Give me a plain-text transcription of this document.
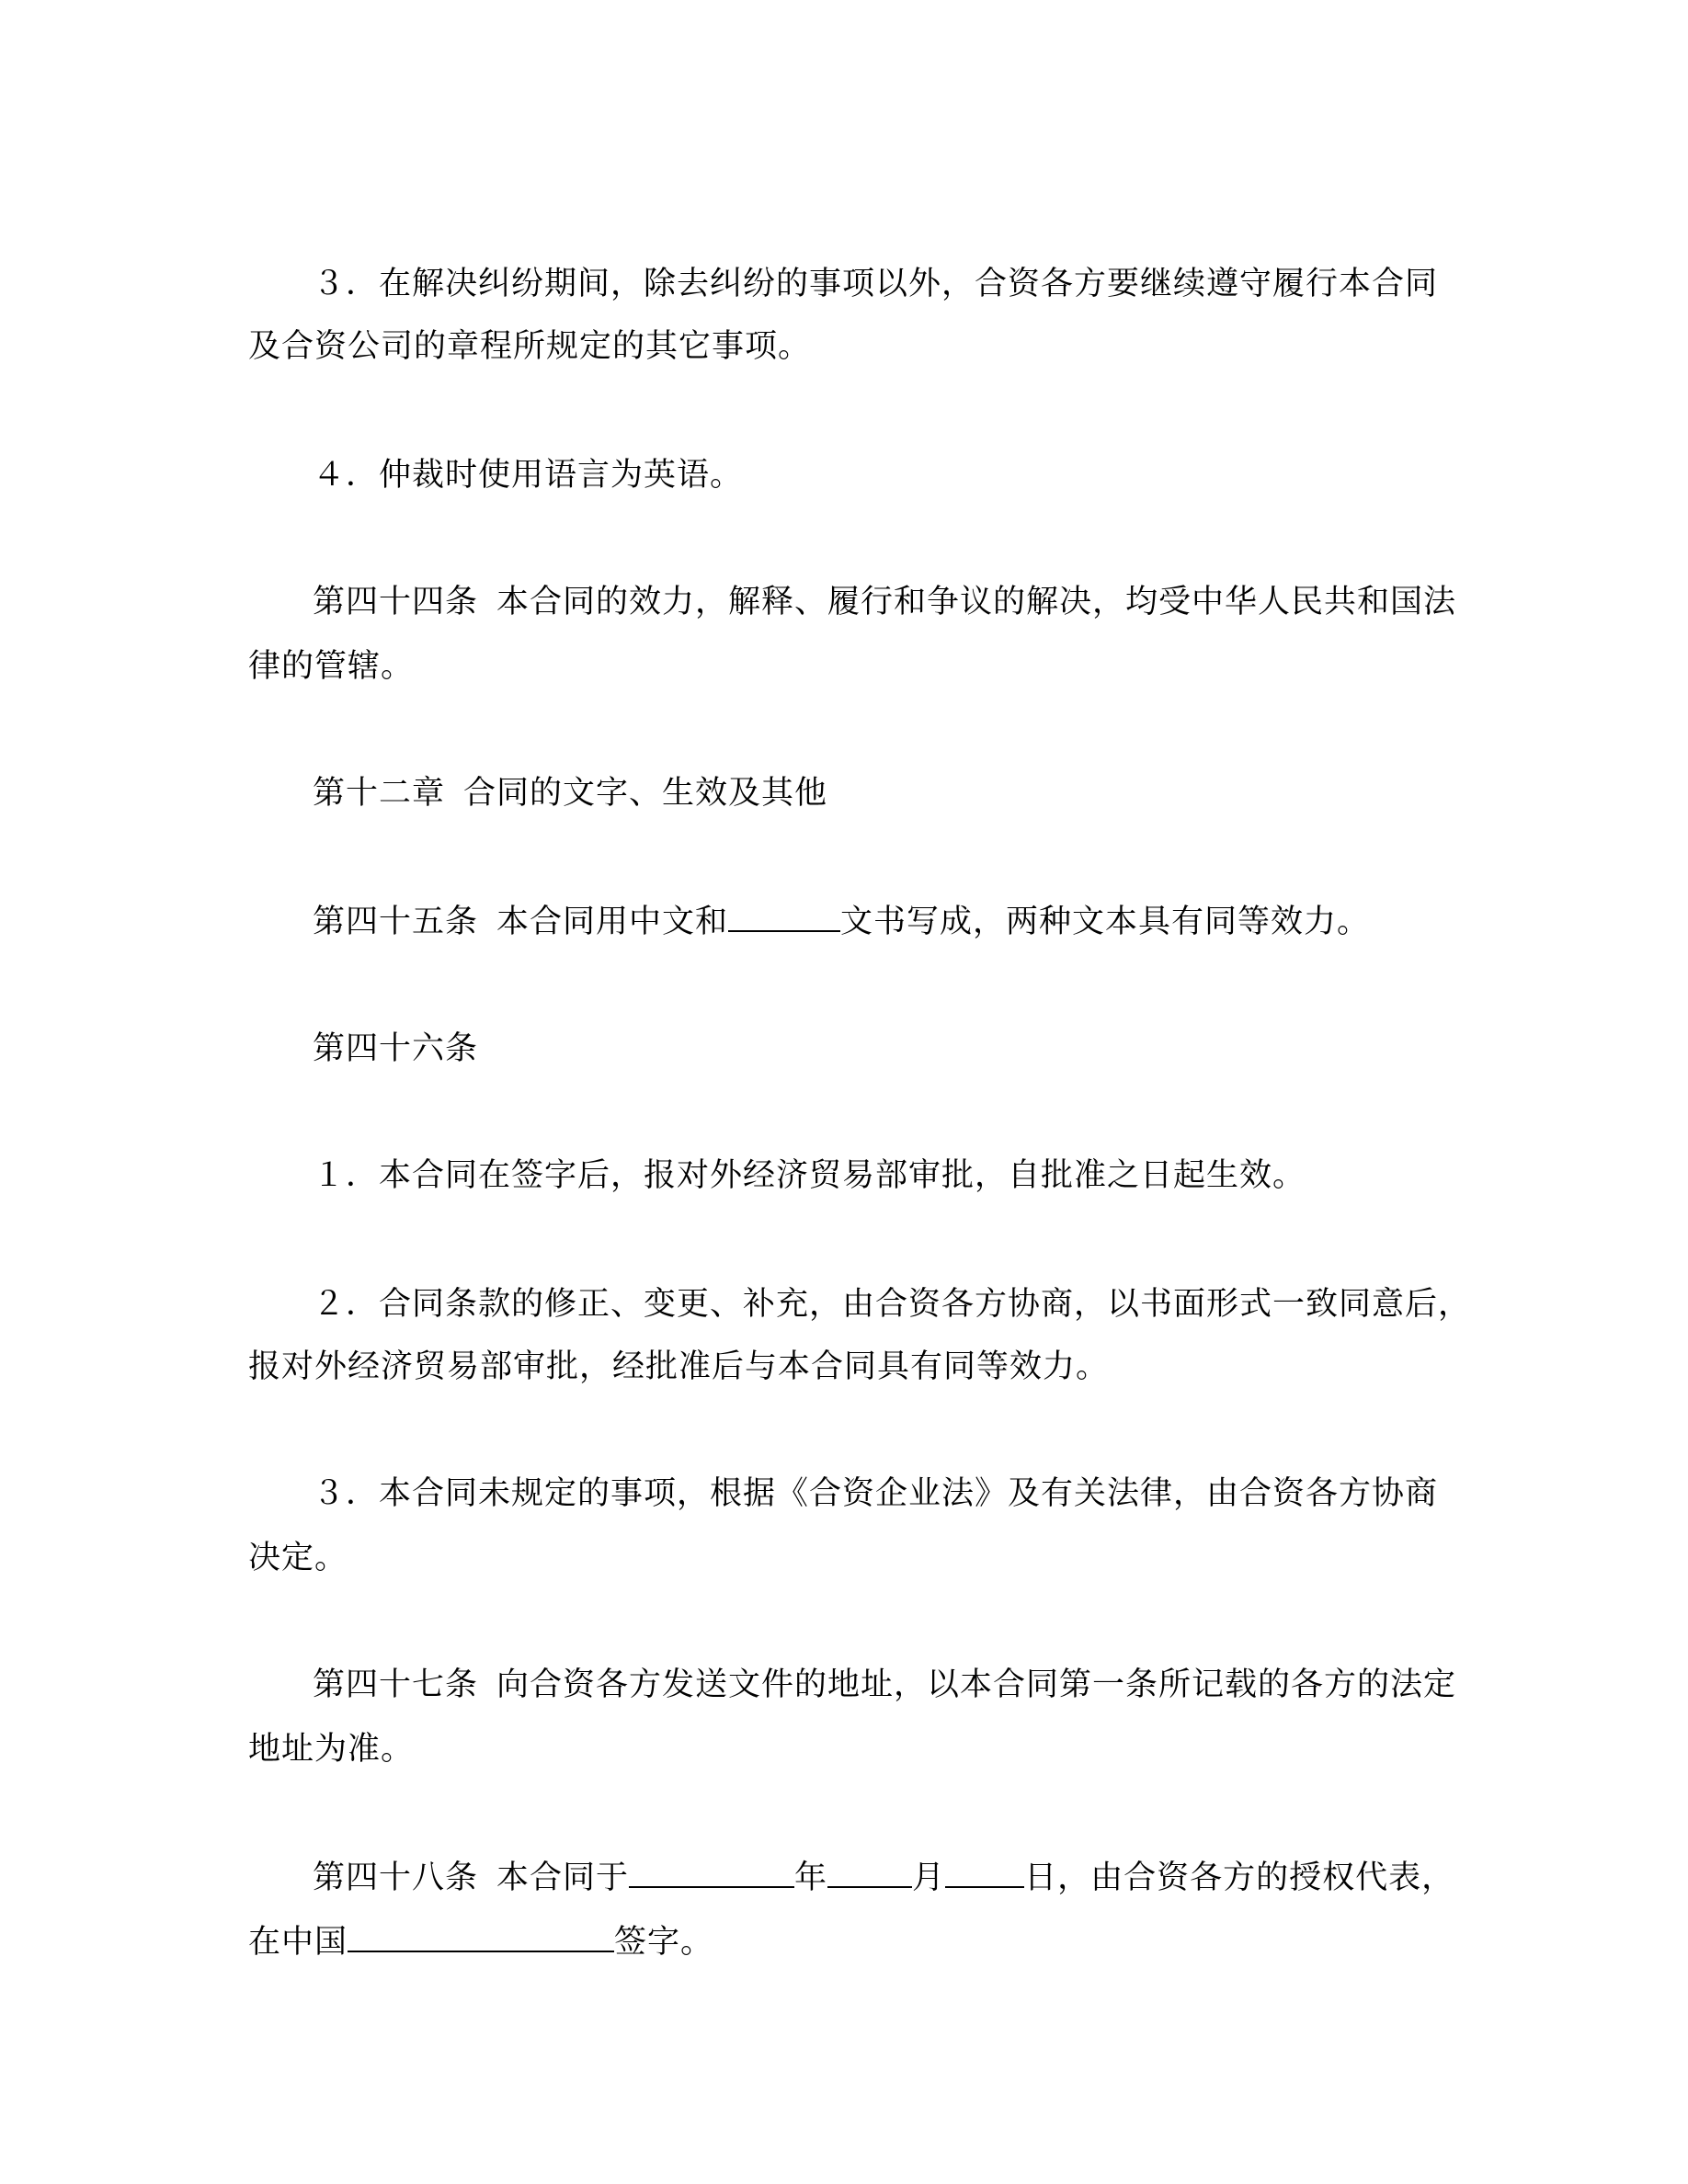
３．在解决纠纷期间，除去纠纷的事项以外，合资各方要继续遵守履行本合同
及合资公司的章程所规定的其它事项。
４．仲裁时使用语言为英语。
第四十四条 本合同的效力，解释、履行和争议的解决，均受中华人民共和国法
律的管辖。
第十二章 合同的文字、生效及其他
第四十五条 本合同用中文和	文书写成，两种文本具有同等效力。
第四十六条
１．本合同在签字后，报对外经济贸易部审批，自批准之日起生效。
２．合同条款的修正、变更、补充，由合资各方协商，以书面形式一致同意后，
报对外经济贸易部审批，经批准后与本合同具有同等效力。
３．本合同未规定的事项，根据《合资企业法》及有关法律，由合资各方协商
决定。
第四十七条 向合资各方发送文件的地址，以本合同第一条所记载的各方的法定
地址为准。
第四十八条 本合同于	年	月 日，由合资各方的授权代表，
在中国	签字。
